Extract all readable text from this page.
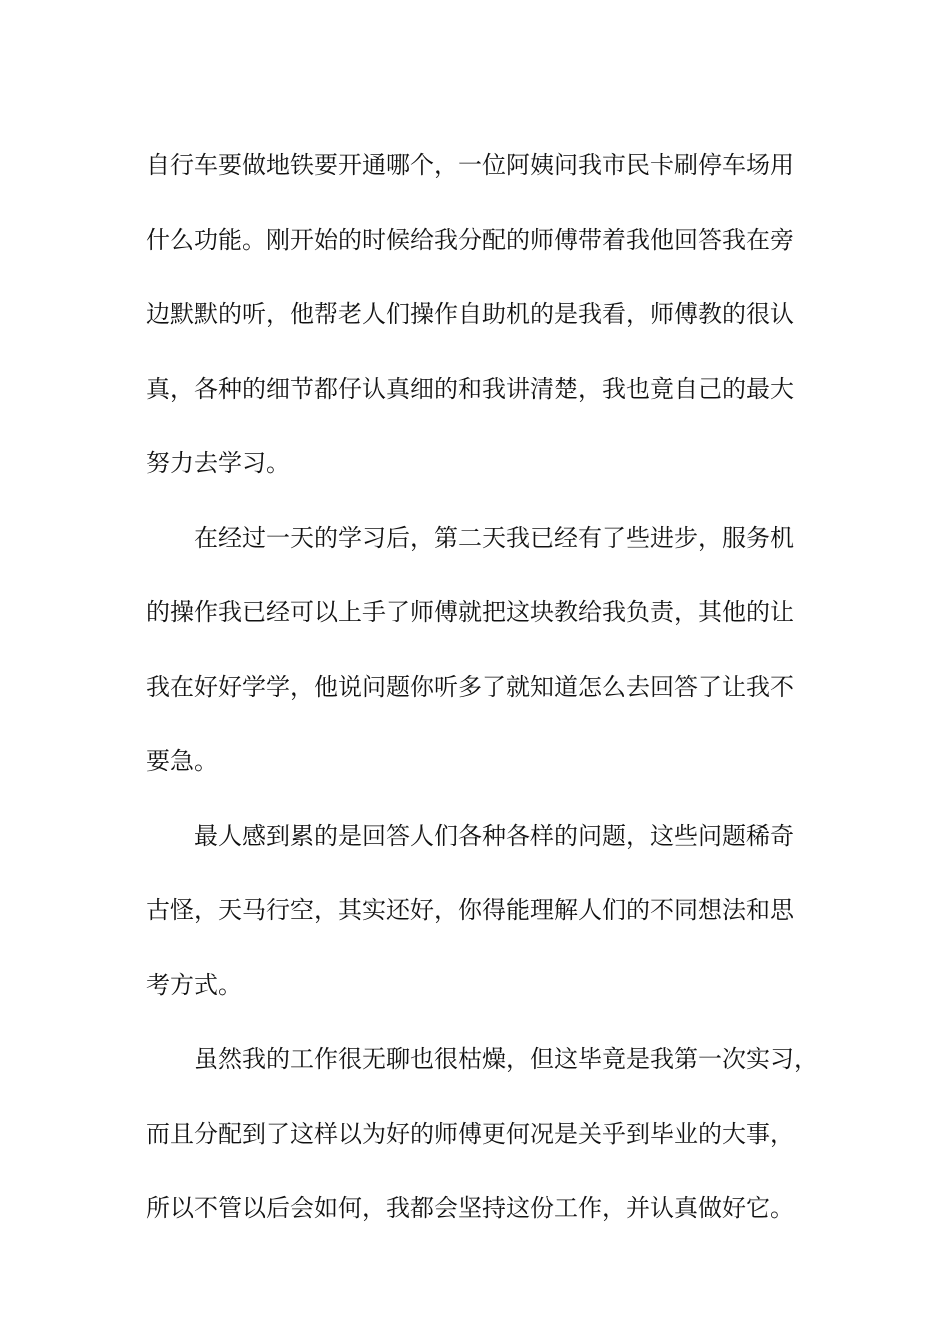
自行车要做地铁要开通哪个，一位阿姨问我市民卡刷停车场用
什么功能。刚开始的时候给我分配的师傅带着我他回答我在旁
边默默的听，他帮老人们操作自助机的是我看，师傅教的很认
真，各种的细节都仔认真细的和我讲清楚，我也竟自己的最大
努力去学习。
在经过一天的学习后，第二天我已经有了些进步，服务机
的操作我已经可以上手了师傅就把这块教给我负责，其他的让
我在好好学学，他说问题你听多了就知道怎么去回答了让我不
要急。
最人感到累的是回答人们各种各样的问题，这些问题稀奇
古怪，天马行空，其实还好，你得能理解人们的不同想法和思
考方式。
虽然我的工作很无聊也很枯燥，但这毕竟是我第一次实习，
而且分配到了这样以为好的师傅更何况是关乎到毕业的大事，
所以不管以后会如何，我都会坚持这份工作，并认真做好它。
